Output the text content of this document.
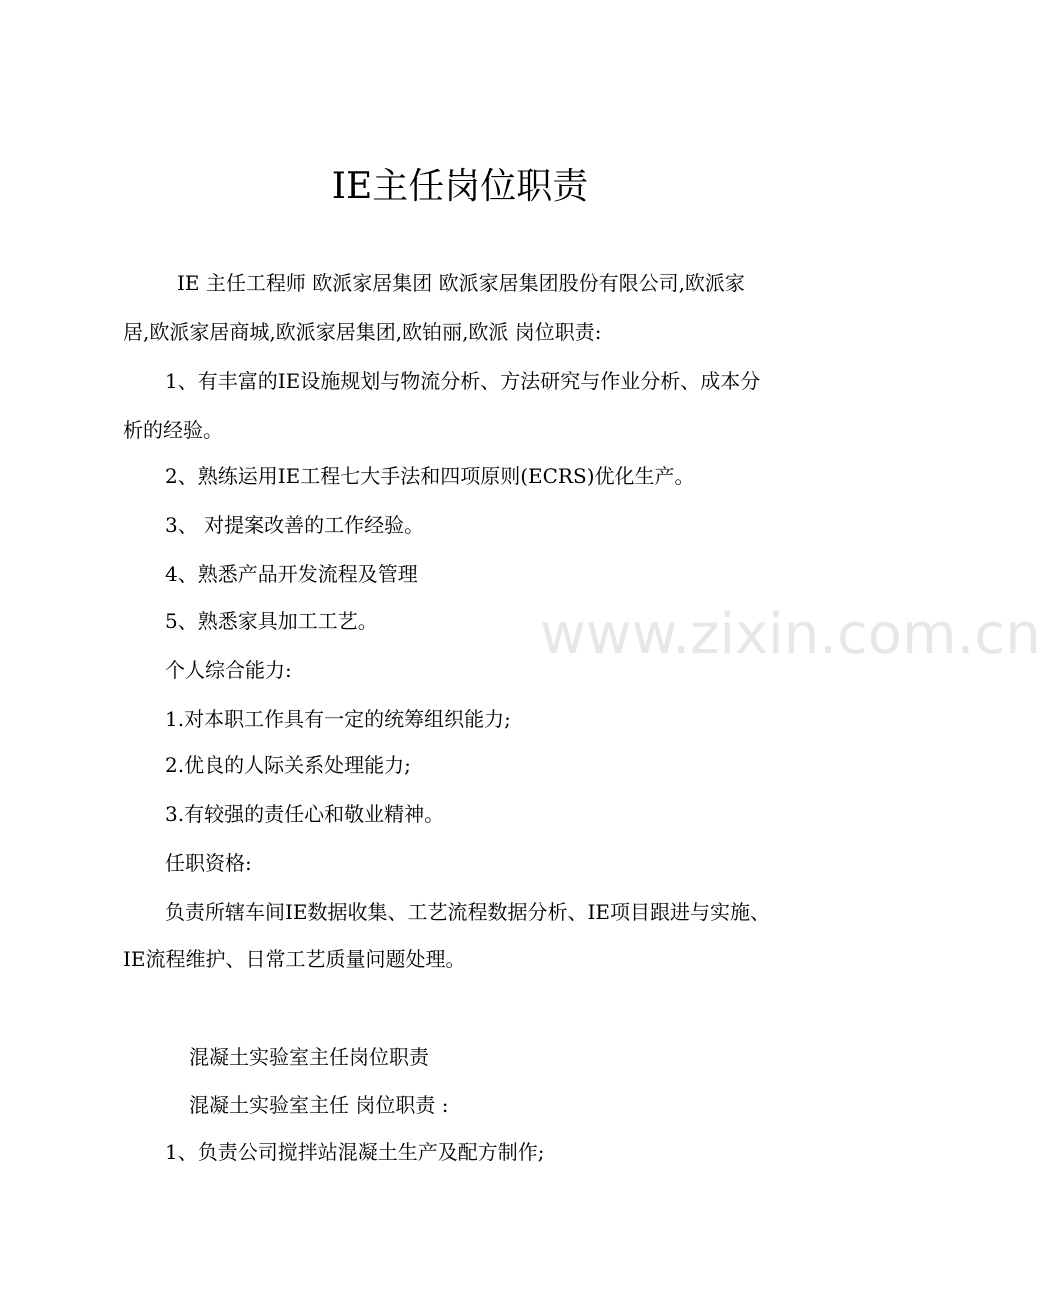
IE主任岗位职责
IE 主任工程师 欧派家居集团 欧派家居集团股份有限公司,欧派家
居,欧派家居商城,欧派家居集团,欧铂丽,欧派 岗位职责:
1、有丰富的IE设施规划与物流分析、方法研究与作业分析、成本分
析的经验。
2、熟练运用IE工程七大手法和四项原则(ECRS)优化生产。
3、 对提案改善的工作经验。
4、熟悉产品开发流程及管理
5、熟悉家具加工工艺。
个人综合能力:
1.对本职工作具有一定的统筹组织能力;
2.优良的人际关系处理能力;
3.有较强的责任心和敬业精神。
任职资格:
负责所辖车间IE数据收集、工艺流程数据分析、IE项目跟进与实施、
IE流程维护、日常工艺质量问题处理。
混凝土实验室主任岗位职责
混凝土实验室主任 岗位职责 :
1、负责公司搅拌站混凝土生产及配方制作;
www.zixin.com.cn
